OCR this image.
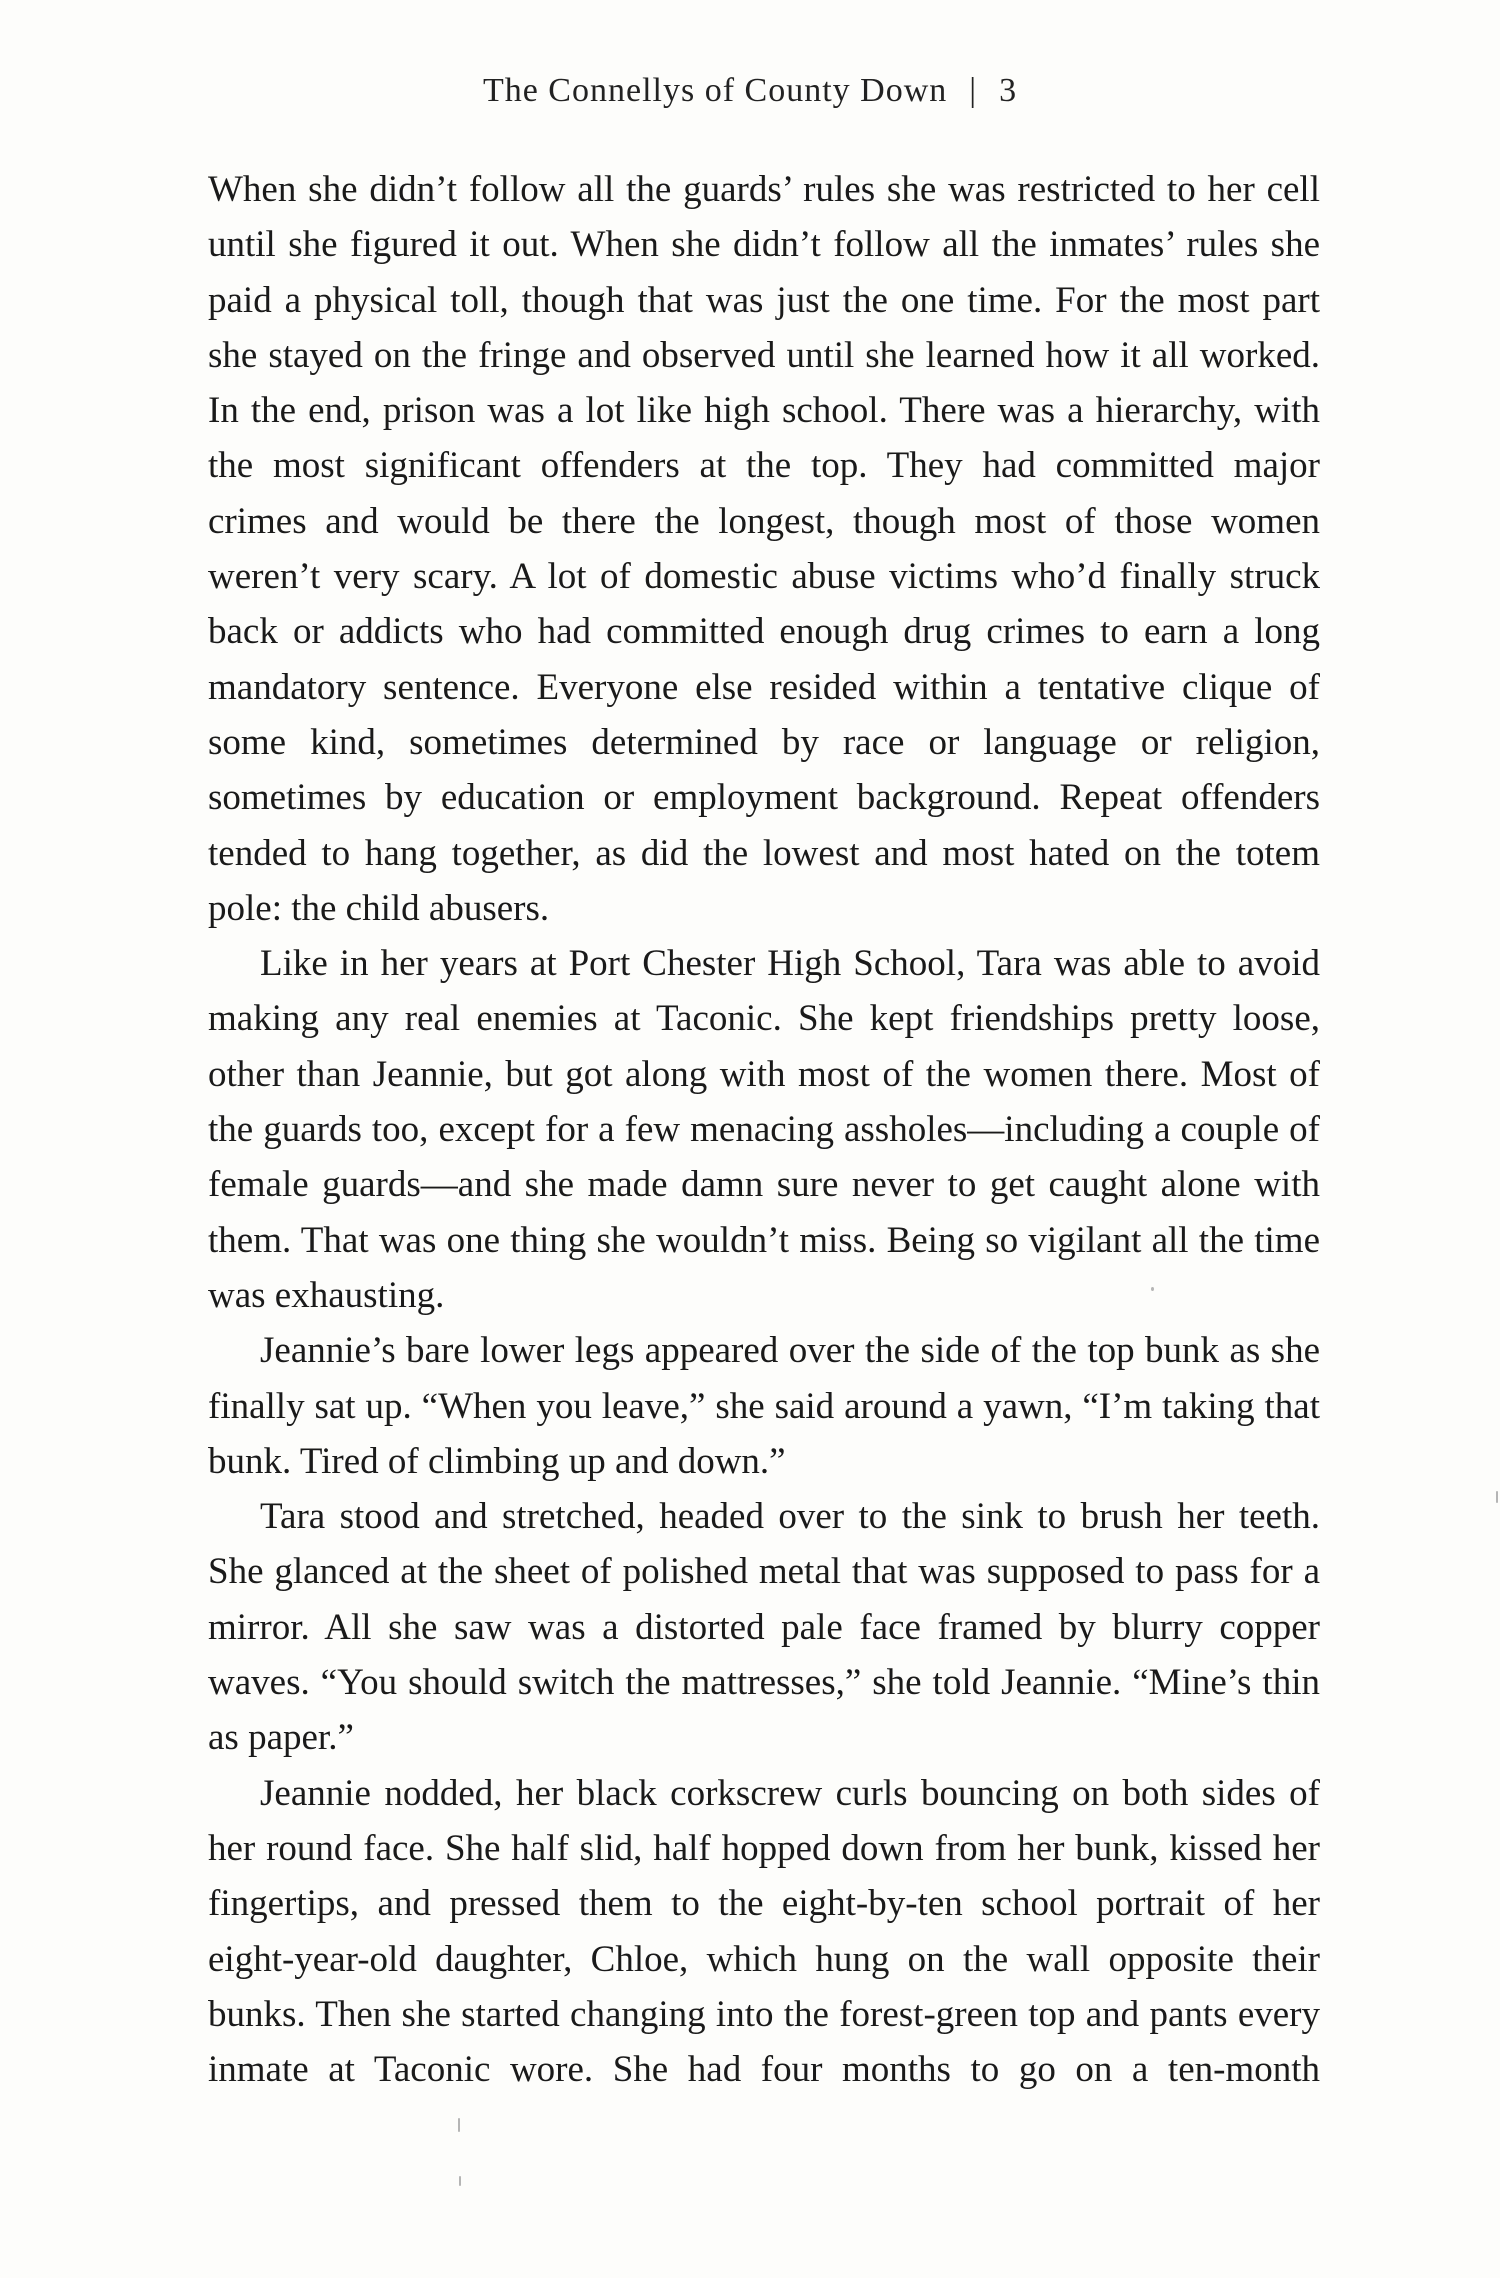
The Connellys of County Down | 3

When she didn’t follow all the guards’ rules she was restricted to her cell until she figured it out. When she didn’t follow all the inmates’ rules she paid a physical toll, though that was just the one time. For the most part she stayed on the fringe and observed until she learned how it all worked. In the end, prison was a lot like high school. There was a hierarchy, with the most significant offenders at the top. They had committed major crimes and would be there the longest, though most of those women weren’t very scary. A lot of domestic abuse victims who’d finally struck back or addicts who had committed enough drug crimes to earn a long mandatory sentence. Everyone else resided within a tentative clique of some kind, sometimes determined by race or language or religion, sometimes by education or employment background. Repeat offenders tended to hang together, as did the lowest and most hated on the totem pole: the child abusers.

Like in her years at Port Chester High School, Tara was able to avoid making any real enemies at Taconic. She kept friendships pretty loose, other than Jeannie, but got along with most of the women there. Most of the guards too, except for a few menacing assholes—including a couple of female guards—and she made damn sure never to get caught alone with them. That was one thing she wouldn’t miss. Being so vigilant all the time was exhausting.

Jeannie’s bare lower legs appeared over the side of the top bunk as she finally sat up. “When you leave,” she said around a yawn, “I’m taking that bunk. Tired of climbing up and down.”

Tara stood and stretched, headed over to the sink to brush her teeth. She glanced at the sheet of polished metal that was supposed to pass for a mirror. All she saw was a distorted pale face framed by blurry copper waves. “You should switch the mattresses,” she told Jeannie. “Mine’s thin as paper.”

Jeannie nodded, her black corkscrew curls bouncing on both sides of her round face. She half slid, half hopped down from her bunk, kissed her fingertips, and pressed them to the eight-by-ten school portrait of her eight-year-old daughter, Chloe, which hung on the wall opposite their bunks. Then she started changing into the forest-green top and pants every inmate at Taconic wore. She had four months to go on a ten-month
